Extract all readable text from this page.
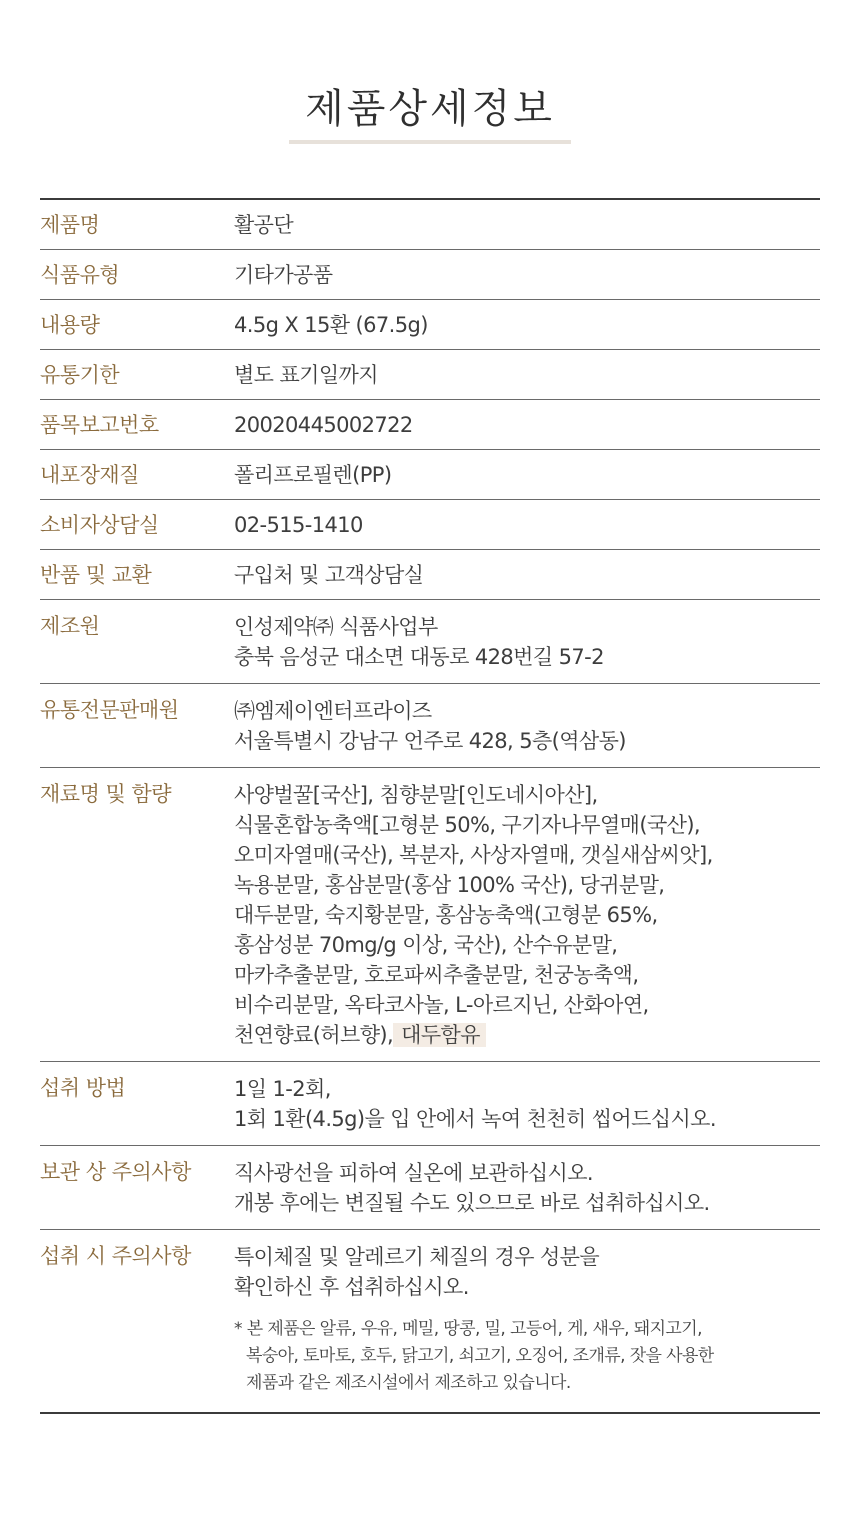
제품상세정보
제품명	활공단
식품유형	기타가공품
내용량	4.5g X 15환 (67.5g)
유통기한	별도 표기일까지
품목보고번호	20020445002722
내포장재질	폴리프로필렌(PP)
소비자상담실	02-515-1410
반품 및 교환	구입처 및 고객상담실
제조원	인성제약㈜ 식품사업부
충북 음성군 대소면 대동로 428번길 57-2
유통전문판매원	㈜엠제이엔터프라이즈
서울특별시 강남구 언주로 428, 5층(역삼동)
재료명 및 함량	사양벌꿀[국산], 침향분말[인도네시아산],
식물혼합농축액[고형분 50%, 구기자나무열매(국산),
오미자열매(국산), 복분자, 사상자열매, 갯실새삼씨앗],
녹용분말, 홍삼분말(홍삼 100% 국산), 당귀분말,
대두분말, 숙지황분말, 홍삼농축액(고형분 65%,
홍삼성분 70mg/g 이상, 국산), 산수유분말,
마카추출분말, 호로파씨추출분말, 천궁농축액,
비수리분말, 옥타코사놀, L-아르지닌, 산화아연,
천연향료(허브향), 대두함유
섭취 방법	1일 1-2회,
1회 1환(4.5g)을 입 안에서 녹여 천천히 씹어드십시오.
보관 상 주의사항	직사광선을 피하여 실온에 보관하십시오.
개봉 후에는 변질될 수도 있으므로 바로 섭취하십시오.
섭취 시 주의사항	특이체질 및 알레르기 체질의 경우 성분을
확인하신 후 섭취하십시오.
* 본 제품은 알류, 우유, 메밀, 땅콩, 밀, 고등어, 게, 새우, 돼지고기,
복숭아, 토마토, 호두, 닭고기, 쇠고기, 오징어, 조개류, 잣을 사용한
제품과 같은 제조시설에서 제조하고 있습니다.
